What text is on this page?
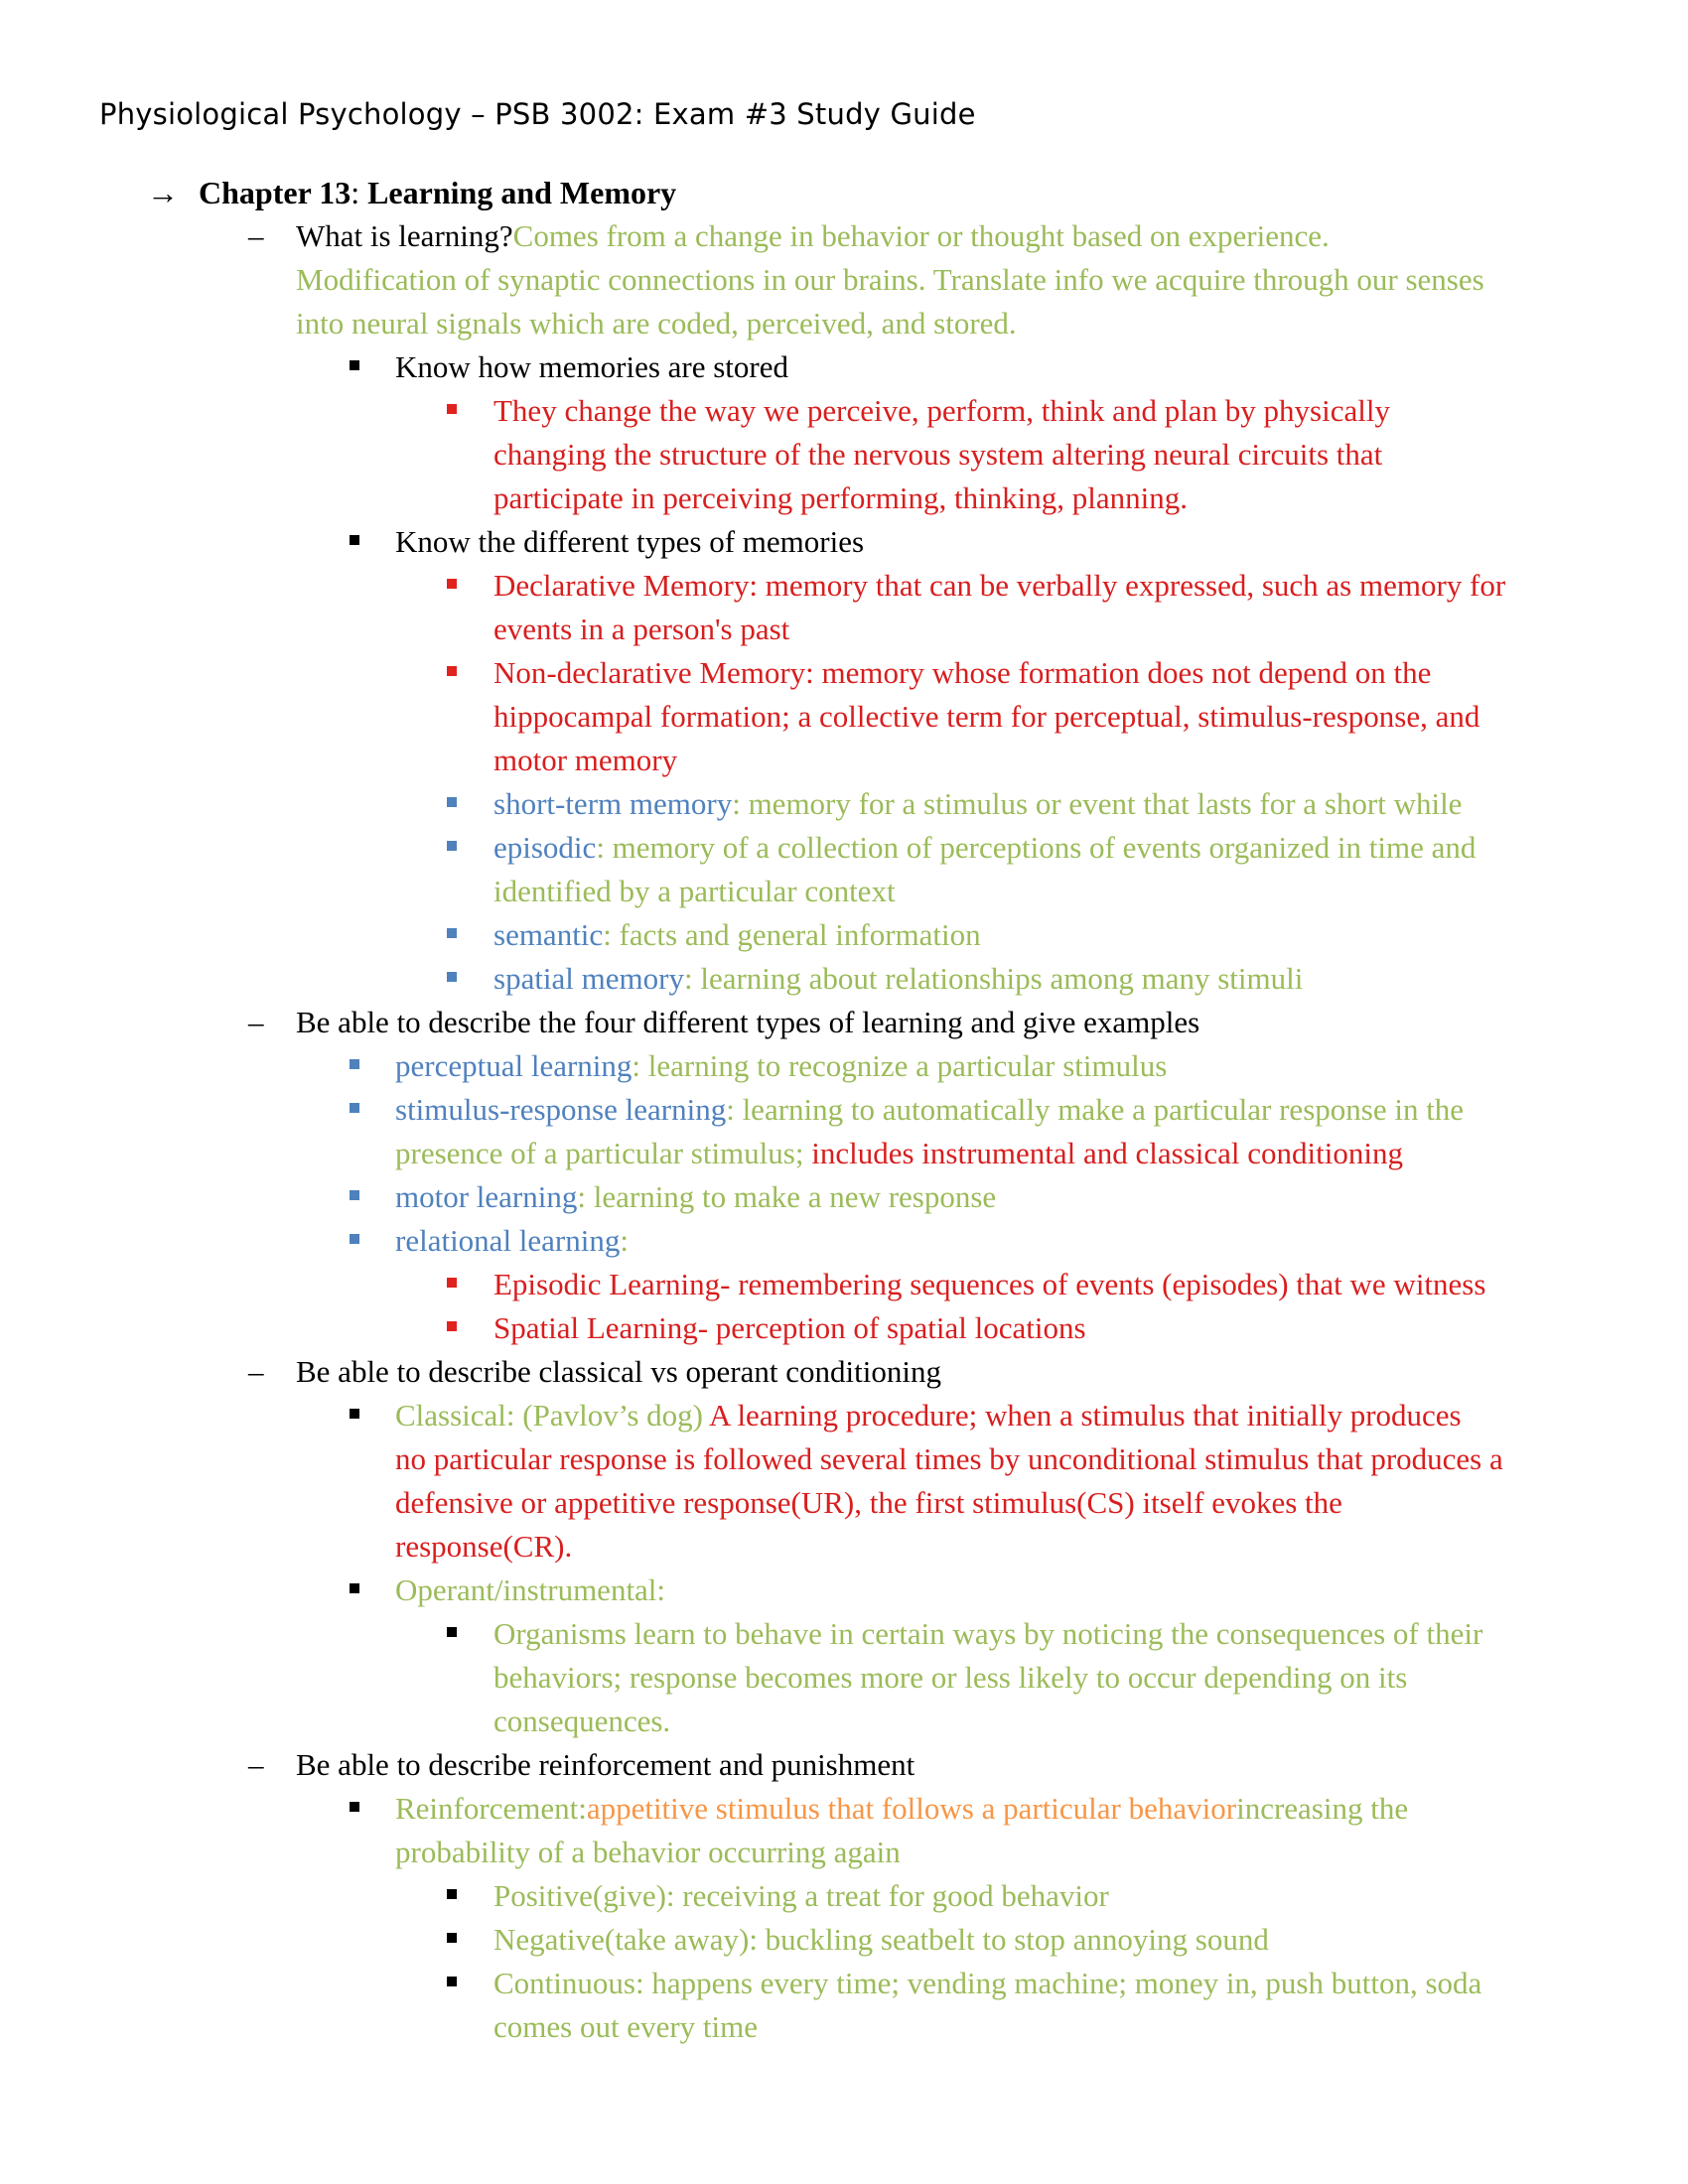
Physiological Psychology – PSB 3002: Exam #3 Study Guide
→ Chapter 13: Learning and Memory
– What is learning?Comes from a change in behavior or thought based on experience.
Modification of synaptic connections in our brains. Translate info we acquire through our senses
into neural signals which are coded, perceived, and stored.
Know how memories are stored
They change the way we perceive, perform, think and plan by physically
changing the structure of the nervous system altering neural circuits that
participate in perceiving performing, thinking, planning.
Know the different types of memories
Declarative Memory: memory that can be verbally expressed, such as memory for
events in a person's past
Non-declarative Memory: memory whose formation does not depend on the
hippocampal formation; a collective term for perceptual, stimulus-response, and
motor memory
short-term memory: memory for a stimulus or event that lasts for a short while
episodic: memory of a collection of perceptions of events organized in time and
identified by a particular context
semantic: facts and general information
spatial memory: learning about relationships among many stimuli
– Be able to describe the four different types of learning and give examples
perceptual learning: learning to recognize a particular stimulus
stimulus-response learning: learning to automatically make a particular response in the
presence of a particular stimulus; includes instrumental and classical conditioning
motor learning: learning to make a new response
relational learning:
Episodic Learning- remembering sequences of events (episodes) that we witness
Spatial Learning- perception of spatial locations
– Be able to describe classical vs operant conditioning
Classical: (Pavlov’s dog) A learning procedure; when a stimulus that initially produces
no particular response is followed several times by unconditional stimulus that produces a
defensive or appetitive response(UR), the first stimulus(CS) itself evokes the
response(CR).
Operant/instrumental:
Organisms learn to behave in certain ways by noticing the consequences of their
behaviors; response becomes more or less likely to occur depending on its
consequences.
– Be able to describe reinforcement and punishment
Reinforcement:appetitive stimulus that follows a particular behaviorincreasing the
probability of a behavior occurring again
Positive(give): receiving a treat for good behavior
Negative(take away): buckling seatbelt to stop annoying sound
Continuous: happens every time; vending machine; money in, push button, soda
comes out every time
